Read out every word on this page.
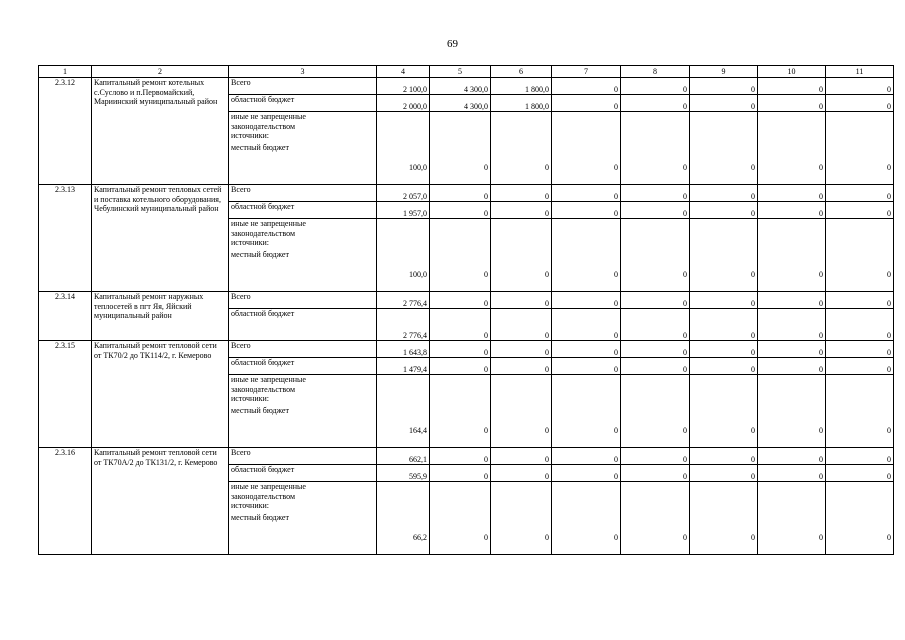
69
1	2	3	4	5	6	7	8	9	10	11
2.3.12	Капитальный ремонт котельных с.Суслово и п.Первомайский, Мариинский муниципальный район	Всего	2 100,0	4 300,0	1 800,0	0	0	0	0	0
		областной бюджет	2 000,0	4 300,0	1 800,0	0	0	0	0	0

		иные не запрещенные
законодательством
источники:
местный бюджет	100,0	0	0	0	0	0	0	0
2.3.13	Капитальный ремонт тепловых сетей и поставка котельного оборудования, Чебулинский муниципальный район	Всего	2 057,0	0	0	0	0	0	0	0
		областной бюджет	1 957,0	0	0	0	0	0	0	0

		иные не запрещенные
законодательством
источники:
местный бюджет	100,0	0	0	0	0	0	0	0
2.3.14	Капитальный ремонт наружных теплосетей в пгт Яя, Яйский муниципальный район	Всего	2 776,4	0	0	0	0	0	0	0
		областной бюджет	2 776,4	0	0	0	0	0	0	0
2.3.15	Капитальный ремонт тепловой сети от ТК70/2 до ТК114/2, г. Кемерово	Всего	1 643,8	0	0	0	0	0	0	0
		областной бюджет	1 479,4	0	0	0	0	0	0	0

		иные не запрещенные
законодательством
источники:
местный бюджет	164,4	0	0	0	0	0	0	0
2.3.16	Капитальный ремонт тепловой сети от ТК70А/2 до ТК131/2, г. Кемерово	Всего	662,1	0	0	0	0	0	0	0
		областной бюджет	595,9	0	0	0	0	0	0	0

		иные не запрещенные
законодательством
источники:
местный бюджет	66,2	0	0	0	0	0	0	0
